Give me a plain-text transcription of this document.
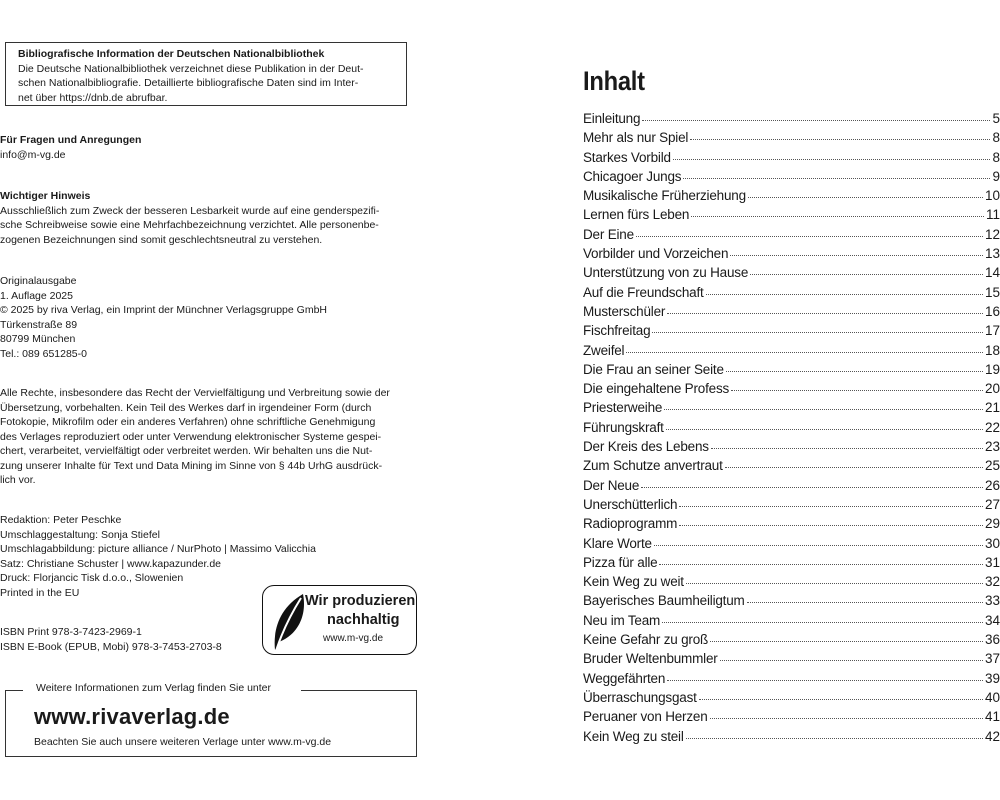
Bibliografische Information der Deutschen Nationalbibliothek
Die Deutsche Nationalbibliothek verzeichnet diese Publikation in der Deut-
schen Nationalbibliografie. Detaillierte bibliografische Daten sind im Inter-
net über https://dnb.de abrufbar.
Für Fragen und Anregungen
info@m-vg.de
Wichtiger Hinweis
Ausschließlich zum Zweck der besseren Lesbarkeit wurde auf eine genderspezifi-
sche Schreibweise sowie eine Mehrfachbezeichnung verzichtet. Alle personenbe-
zogenen Bezeichnungen sind somit geschlechtsneutral zu verstehen.
Originalausgabe
1. Auflage 2025
© 2025 by riva Verlag, ein Imprint der Münchner Verlagsgruppe GmbH
Türkenstraße 89
80799 München
Tel.: 089 651285-0
Alle Rechte, insbesondere das Recht der Vervielfältigung und Verbreitung sowie der
Übersetzung, vorbehalten. Kein Teil des Werkes darf in irgendeiner Form (durch
Fotokopie, Mikrofilm oder ein anderes Verfahren) ohne schriftliche Genehmigung
des Verlages reproduziert oder unter Verwendung elektronischer Systeme gespei-
chert, verarbeitet, vervielfältigt oder verbreitet werden. Wir behalten uns die Nut-
zung unserer Inhalte für Text und Data Mining im Sinne von § 44b UrhG ausdrück-
lich vor.
Redaktion: Peter Peschke
Umschlaggestaltung: Sonja Stiefel
Umschlagabbildung: picture alliance / NurPhoto | Massimo Valicchia
Satz: Christiane Schuster | www.kapazunder.de
Druck: Florjancic Tisk d.o.o., Slowenien
Printed in the EU
ISBN Print 978-3-7423-2969-1
ISBN E-Book (EPUB, Mobi) 978-3-7453-2703-8
Wir produzieren
nachhaltig
www.m-vg.de
Weitere Informationen zum Verlag finden Sie unter
www.rivaverlag.de
Beachten Sie auch unsere weiteren Verlage unter www.m-vg.de
Inhalt
Einleitung	5
Mehr als nur Spiel	8
Starkes Vorbild	8
Chicagoer Jungs	9
Musikalische Früherziehung	10
Lernen fürs Leben	11
Der Eine	12
Vorbilder und Vorzeichen	13
Unterstützung von zu Hause	14
Auf die Freundschaft	15
Musterschüler	16
Fischfreitag	17
Zweifel	18
Die Frau an seiner Seite	19
Die eingehaltene Profess	20
Priesterweihe	21
Führungskraft	22
Der Kreis des Lebens	23
Zum Schutze anvertraut	25
Der Neue	26
Unerschütterlich	27
Radioprogramm	29
Klare Worte	30
Pizza für alle	31
Kein Weg zu weit	32
Bayerisches Baumheiligtum	33
Neu im Team	34
Keine Gefahr zu groß	36
Bruder Weltenbummler	37
Weggefährten	39
Überraschungsgast	40
Peruaner von Herzen	41
Kein Weg zu steil	42
